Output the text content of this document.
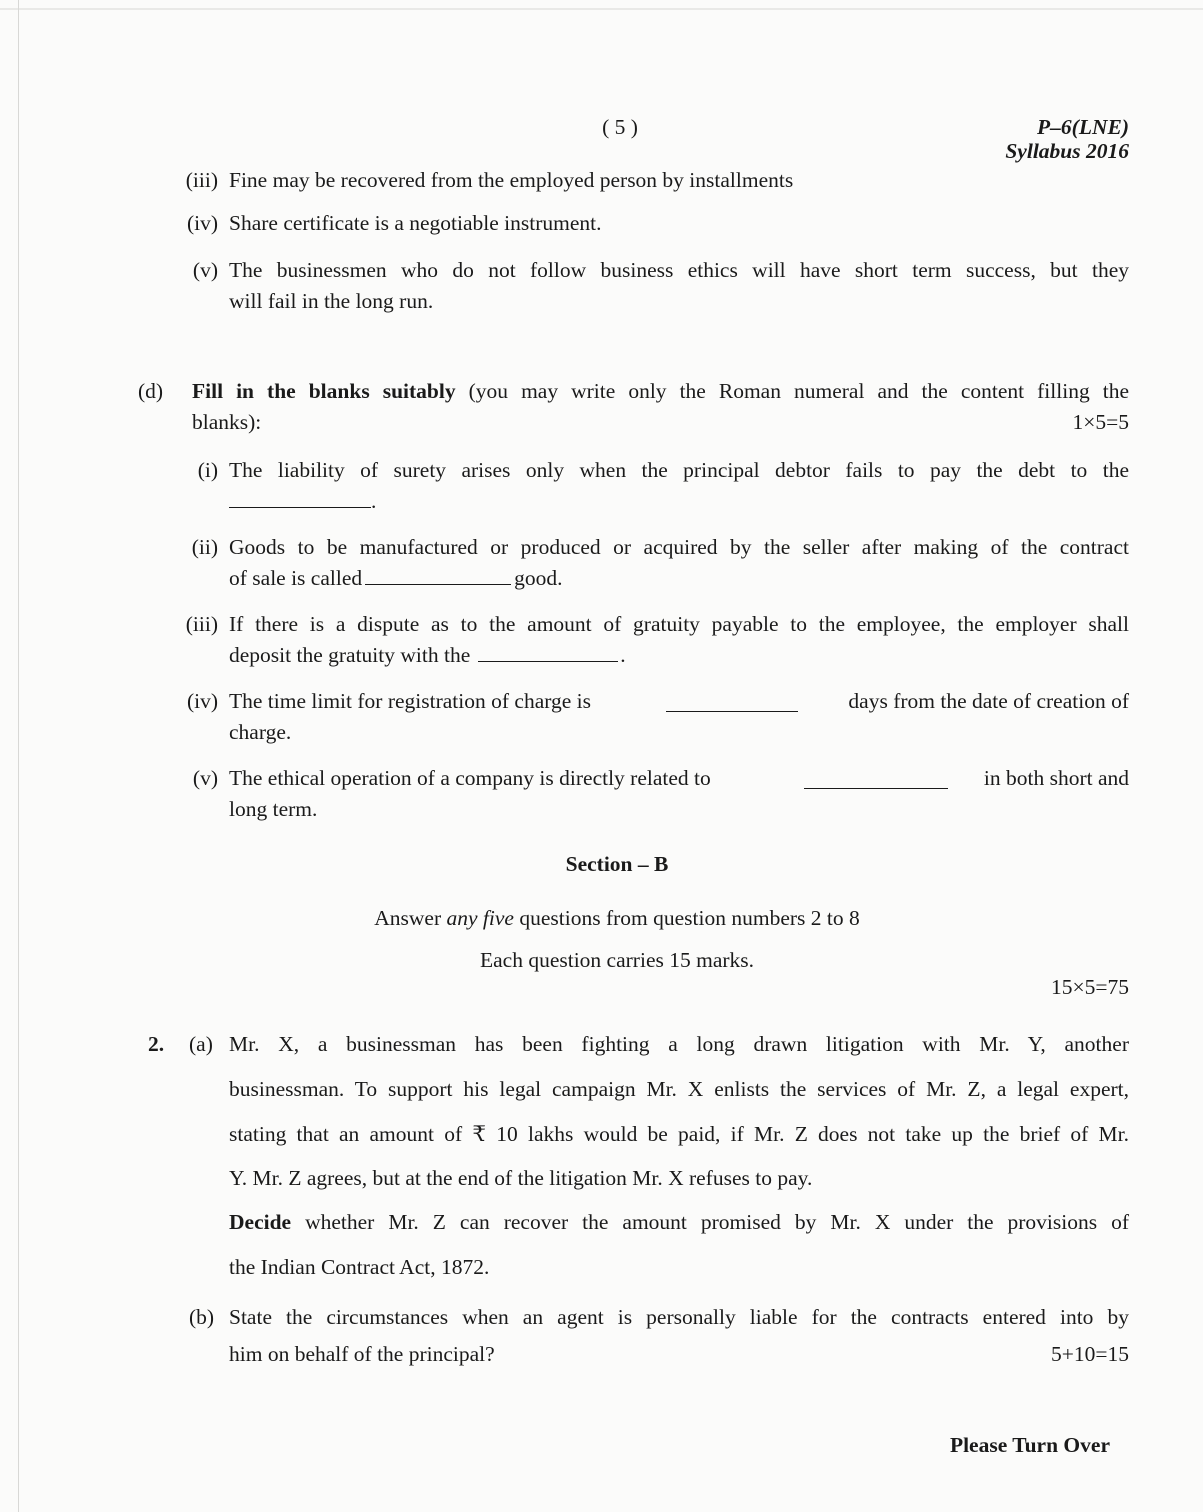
( 5 )	P–6(LNE)
Syllabus 2016
(iii) Fine may be recovered from the employed person by installments
(iv) Share certificate is a negotiable instrument.
(v) The businessmen who do not follow business ethics will have short term success, but they
will fail in the long run.
(d)	Fill in the blanks suitably (you may write only the Roman numeral and the content filling the
blanks):	1×5=5
(i) The liability of surety arises only when the principal debtor fails to pay the debt to the
.
(ii) Goods to be manufactured or produced or acquired by the seller after making of the contract
of sale is called	good.
(iii) If there is a dispute as to the amount of gratuity payable to the employee, the employer shall
deposit the gratuity with the	.
(iv) The time limit for registration of charge is	days from the date of creation of
charge.
(v) The ethical operation of a company is directly related to	in both short and
long term.
Section – B
Answer any five questions from question numbers 2 to 8
Each question carries 15 marks.
15×5=75
2.	(a) Mr. X, a businessman has been fighting a long drawn litigation with Mr. Y, another
businessman. To support his legal campaign Mr. X enlists the services of Mr. Z, a legal expert,
stating that an amount of ₹ 10 lakhs would be paid, if Mr. Z does not take up the brief of Mr.
Y. Mr. Z agrees, but at the end of the litigation Mr. X refuses to pay.
Decide whether Mr. Z can recover the amount promised by Mr. X under the provisions of
the Indian Contract Act, 1872.
(b) State the circumstances when an agent is personally liable for the contracts entered into by
him on behalf of the principal?	5+10=15
Please Turn Over
